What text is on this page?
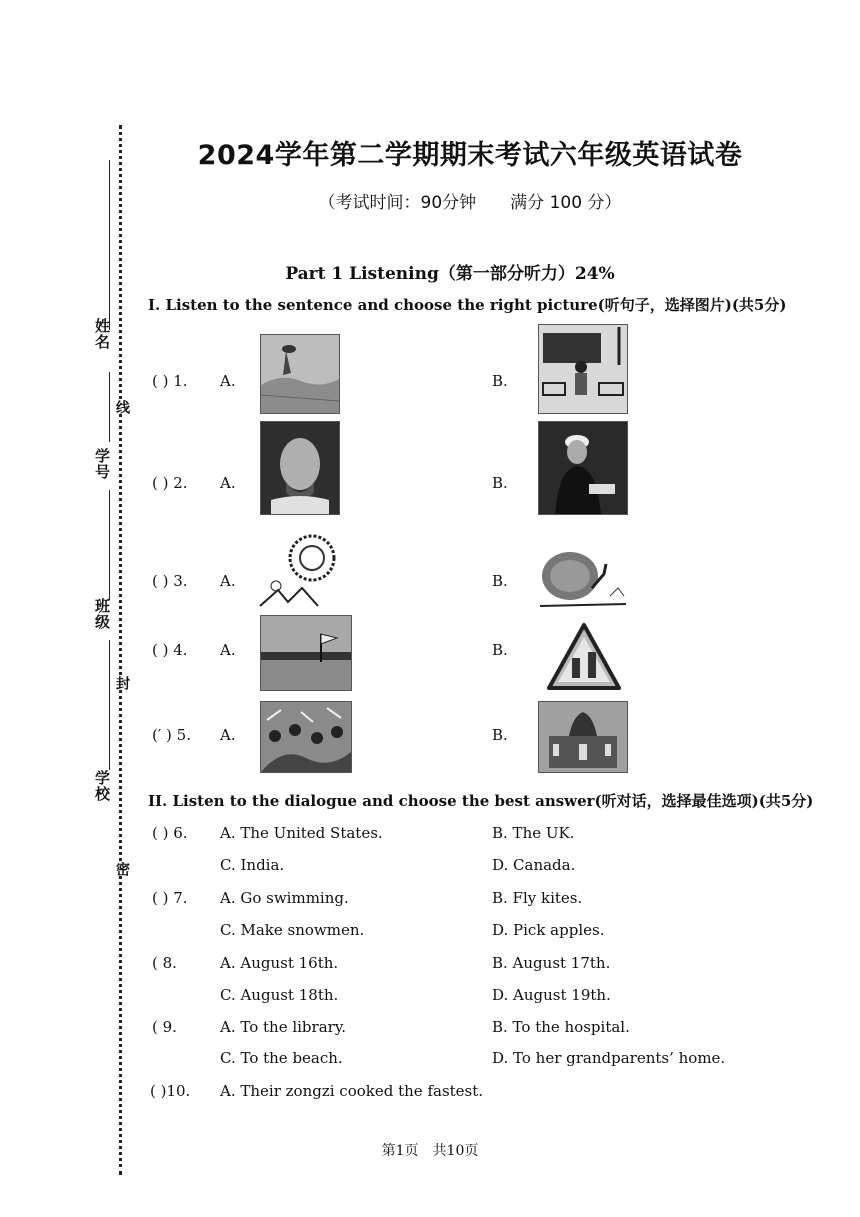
姓名
学号
班级
学校
线
封
密
2024学年第二学期期末考试六年级英语试卷
（考试时间：90分钟　　满分 100 分）
Part 1 Listening（第一部分听力）24%
I. Listen to the sentence and choose the right picture(听句子，选择图片)(共5分)
( ) 1. A.	B.
( ) 2. A.	B.
( ) 3. A.	B.
( ) 4. A.	B.
(′ ) 5. A.	B.
II. Listen to the dialogue and choose the best answer(听对话，选择最佳选项)(共5分)
( ) 6. A. The United States.	B. The UK.
C. India.	D. Canada.
( ) 7. A. Go swimming.	B. Fly kites.
C. Make snowmen.	D. Pick apples.
( 8.	A. August 16th.	B. August 17th.
C. August 18th.	D. August 19th.
( 9.	A. To the library.	B. To the hospital.
C. To the beach.	D. To her grandparents’ home.
( )10. A. Their zongzi cooked the fastest.
第1页　共10页
